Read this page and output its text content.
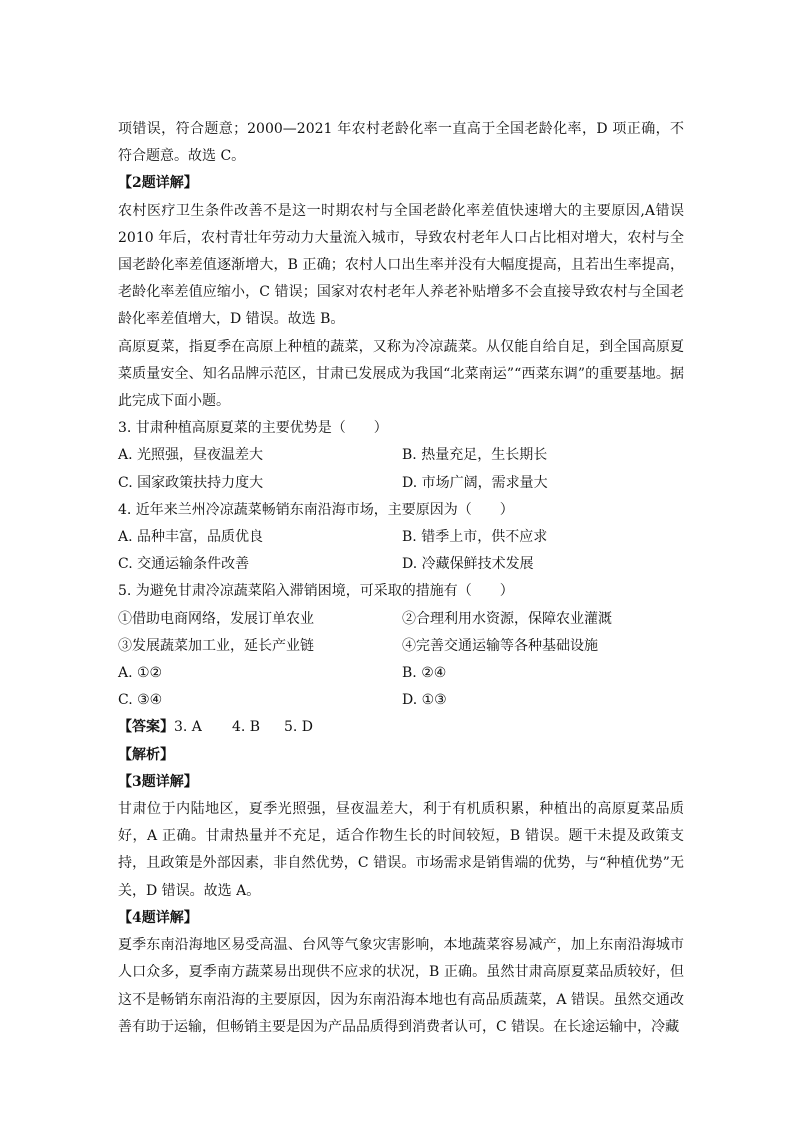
项错误，符合题意；2000—2021 年农村老龄化率一直高于全国老龄化率，D 项正确，不符合题意。故选 C。

【2题详解】

农村医疗卫生条件改善不是这一时期农村与全国老龄化率差值快速增大的主要原因,A错误2010 年后，农村青壮年劳动力大量流入城市，导致农村老年人口占比相对增大，农村与全国老龄化率差值逐渐增大，B 正确；农村人口出生率并没有大幅度提高，且若出生率提高，老龄化率差值应缩小，C 错误；国家对农村老年人养老补贴增多不会直接导致农村与全国老龄化率差值增大，D 错误。故选 B。

高原夏菜，指夏季在高原上种植的蔬菜，又称为冷凉蔬菜。从仅能自给自足，到全国高原夏菜质量安全、知名品牌示范区，甘肃已发展成为我国“北菜南运”“西菜东调”的重要基地。据此完成下面小题。

3. 甘肃种植高原夏菜的主要优势是（　　）

A. 光照强，昼夜温差大	B. 热量充足，生长期长
C. 国家政策扶持力度大	D. 市场广阔，需求量大

4. 近年来兰州冷凉蔬菜畅销东南沿海市场，主要原因为（　　）

A. 品种丰富，品质优良	B. 错季上市，供不应求
C. 交通运输条件改善	D. 冷藏保鲜技术发展

5. 为避免甘肃冷凉蔬菜陷入滞销困境，可采取的措施有（　　）

①借助电商网络，发展订单农业	②合理利用水资源，保障农业灌溉
③发展蔬菜加工业，延长产业链	④完善交通运输等各种基础设施
A. ①②	B. ②④
C. ③④	D. ①③

【答案】3. A 4. B 5. D

【解析】

【3题详解】

甘肃位于内陆地区，夏季光照强，昼夜温差大，利于有机质积累，种植出的高原夏菜品质好，A 正确。甘肃热量并不充足，适合作物生长的时间较短，B 错误。题干未提及政策支持，且政策是外部因素，非自然优势，C 错误。市场需求是销售端的优势，与“种植优势”无关，D 错误。故选 A。

【4题详解】

夏季东南沿海地区易受高温、台风等气象灾害影响，本地蔬菜容易减产，加上东南沿海城市人口众多，夏季南方蔬菜易出现供不应求的状况，B 正确。虽然甘肃高原夏菜品质较好，但这不是畅销东南沿海的主要原因，因为东南沿海本地也有高品质蔬菜，A 错误。虽然交通改善有助于运输，但畅销主要是因为产品品质得到消费者认可，C 错误。在长途运输中，冷藏
